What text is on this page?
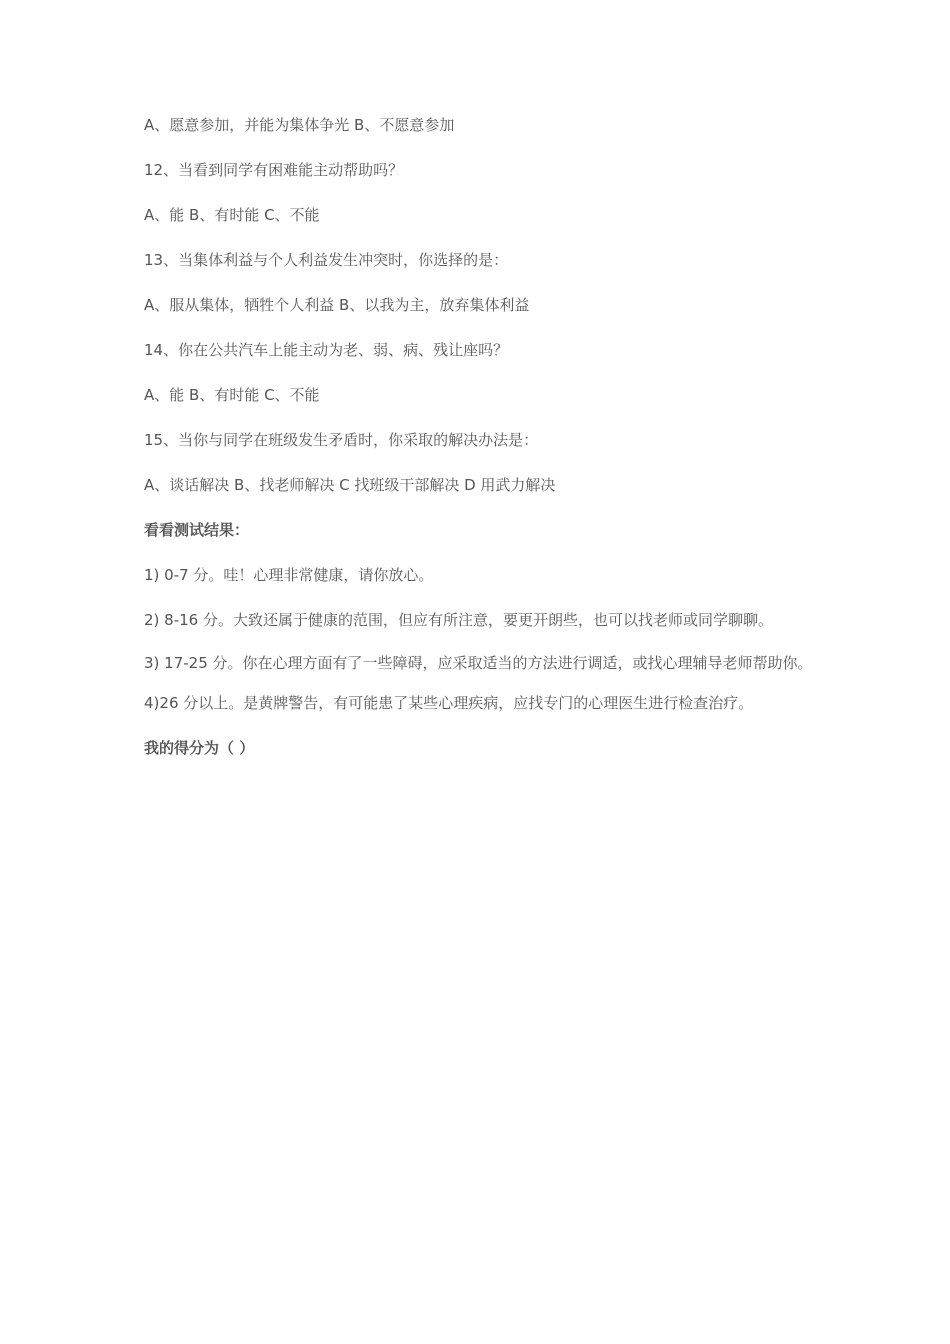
A、愿意参加，并能为集体争光 B、不愿意参加
12、当看到同学有困难能主动帮助吗？
A、能 B、有时能 C、不能
13、当集体利益与个人利益发生冲突时，你选择的是：
A、服从集体，牺牲个人利益 B、以我为主，放弃集体利益
14、你在公共汽车上能主动为老、弱、病、残让座吗？
A、能 B、有时能 C、不能
15、当你与同学在班级发生矛盾时，你采取的解决办法是：
A、谈话解决 B、找老师解决 C 找班级干部解决 D 用武力解决
看看测试结果：
1) 0-7 分。哇！心理非常健康，请你放心。
2) 8-16 分。大致还属于健康的范围，但应有所注意，要更开朗些，也可以找老师或同学聊聊。
3) 17-25 分。你在心理方面有了一些障碍，应采取适当的方法进行调适，或找心理辅导老师帮助你。
4)26 分以上。是黄牌警告，有可能患了某些心理疾病，应找专门的心理医生进行检查治疗。
我的得分为（ ）
